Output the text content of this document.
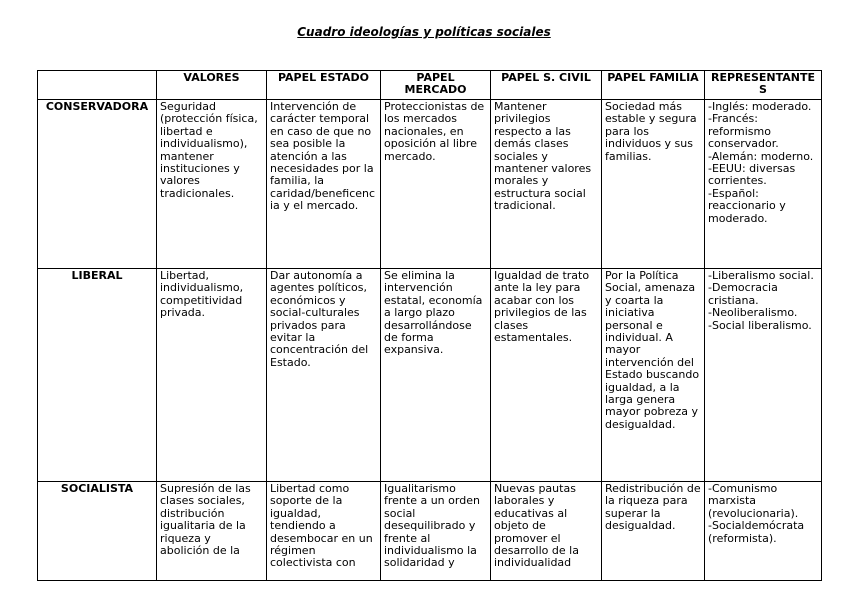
Cuadro ideologías y políticas sociales
	VALORES	PAPEL ESTADO	PAPEL MERCADO	PAPEL S. CIVIL	PAPEL FAMILIA	REPRESENTANTES
CONSERVADORA	Seguridad (protección física, libertad e individualismo), mantener instituciones y valores tradicionales.	Intervención de carácter temporal en caso de que no sea posible la atención a las necesidades por la familia, la caridad/beneficencia y el mercado.	Proteccionistas de los mercados nacionales, en oposición al libre mercado.	Mantener privilegios respecto a las demás clases sociales y mantener valores morales y estructura social tradicional.	Sociedad más estable y segura para los individuos y sus familias.	-Inglés: moderado.
-Francés: reformismo conservador.
-Alemán: moderno.
-EEUU: diversas corrientes.
-Español: reaccionario y moderado.
LIBERAL	Libertad, individualismo, competitividad privada.	Dar autonomía a agentes políticos, económicos y social-culturales privados para evitar la concentración del Estado.	Se elimina la intervención estatal, economía a largo plazo desarrollándose de forma expansiva.	Igualdad de trato ante la ley para acabar con los privilegios de las clases estamentales.	Por la Política Social, amenaza y coarta la iniciativa personal e individual. A mayor intervención del Estado buscando igualdad, a la larga genera mayor pobreza y desigualdad.	-Liberalismo social.
-Democracia cristiana.
-Neoliberalismo.
-Social liberalismo.

SOCIALISTA	Supresión de las clases sociales, distribución igualitaria de la riqueza y abolición de la	Libertad como soporte de la igualdad, tendiendo a desembocar en un régimen colectivista con	Igualitarismo frente a un orden social desequilibrado y frente al individualismo la solidaridad y	Nuevas pautas laborales y educativas al objeto de promover el desarrollo de la individualidad	Redistribución de la riqueza para superar la desigualdad.	-Comunismo marxista (revolucionaria).
-Socialdemócrata (reformista).
